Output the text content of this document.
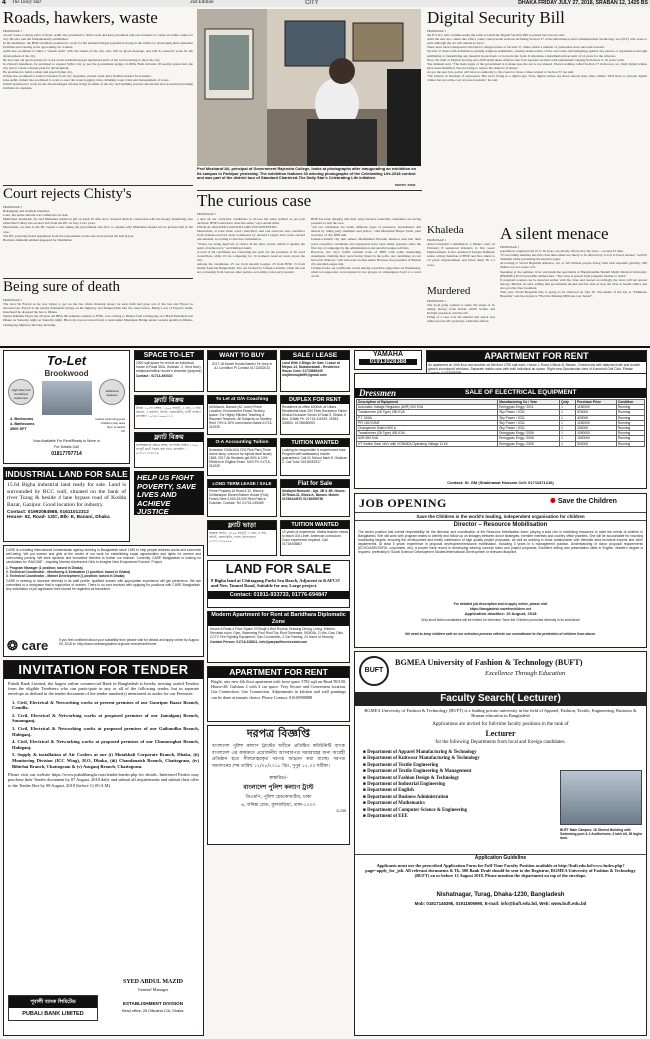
4 The Daily Star	2nd Edition	CITY	DHAKA FRIDAY JULY 27, 2018, SRABAN 12, 1425 BS
Roads, hawkers, waste
FROM PAGE 1
on soft zones to many parts of Peter. Azhil also promised to build roads and keep pavement and rear hawkers to create an online centre for city. He also said the fundamentally established.
In the manifesto, the BNP candidate promised to work for the underprivileged population living in the slums; by developing their sanitation facilities and creating work opportunity for women.
Azhil also promised to build a "dream team" with the results of the city, who will be given massage, and will do research work for the development of the city.
He also laid out special plans for work on the underdeveloped unplanned parts of his ward wanting to show the city.
In Zubair's manifesto, he promised to expand Sylhet city as per the government gadget of 2006. Both includes 18 nearby unions into the city and to create a master plan for development.
He promised to build a smart and green Sylhet city.
Zubair also promised to remove hawkers from city footpaths, extend roads and a flexible market for hawkers.
Like Azhil, Zubair also promised to work to steer the water-logging crisis, drinking water crisis and management of waste.
Zubair promised to work for the disadvantaged citizens living in slums of the city and building several educational and recreational training facilities for students.
Prof Mosharof Ali, principal of Government Rajendra College, looks at photographs after inaugurating an exhibition on its campus in Faridpur yesterday. The exhibition features 43 winning photographs of the Celebrating Life-2018 contest and was part of the district tour of Standard Chartered-The Daily Star's Celebrating Life initiative.
PHOTO: STAR
Digital Security Bill
FROM PAGE 1
the ICT Act will continue under the same act until the Digital Security Bill is passed into law, he said.
After the new law comes into effect, some controversial sections including Section 57 of the Information and Communication Technology Act (ICT) will cease to exist although the act will remain in force.
There have been widespread criticism for alleged abuse of Section 57, under which a number of journalists were sued and arrested.
Section 57 deals with defamation, hurting religious sentiments, causing deterioration of law and order and instigating against any person or organisation through publishing or transmitting any material in electronic or in electronic form. It stipulates a maximum prison term of 14 years for the offences.
Now, the draft of Digital Security Act-2018 splits these offences into four separate sections with punishment ranging from three to 10 years' term.
The minister said, "The main target of the government is to make sure the Act is not abused. There's nothing called Section 57 in the new act. Only digital crimes have been identified. We are trying to reduce the chances of abuse."
As per the new law, police will have no authority to file cases for those crimes related to Section 57, he said.
"We believe in freedom of expression. But we're living in a digital age. Now, digital crimes are more serious than other crimes. We'll have to prevent digital crimes but not at the cost of press freedom," he said.
Court rejects Chisty's
FROM PAGE 3
Bakshiganj and Gulshan branches.
Later, the entire amount was withdrawn in cash.
Mahbubul, Rashedul, Zia and Mamunur landed in jail on April 10 after ACC arrested them in connection with the money laundering case while Bazi Chisty has secured bail from the HC on July 4 two years.
Meanwhile, on June 6, the HC issued a rule asking the government and ACC to explain why Mahbubul should not be granted bail in the case.
The HC yesterday heard arguments from the respondents on the rule and rejected the bail prayer.
Barrister Ahmedul Ahmed appeared for Mahbubul.
The curious case
FROM PAGE 1
a deal all our councillor candidates to choose the same symbol as per past decision, BNP would have done the same," says Abdul Alim.
FOUR AL-BACKED COUNCILLORS UNCONTESTED
Meanwhile, at least three ward councillors and one reserved seat councillor from female-reserved seats nominated by Awami League have been elected uncontested, according to election commission.
"Voters are being deprived of choice in the three wards, which is against the spirit of democracy," said Rafiqul Alam.
A total of 94 candidates are contesting the polls for the positions of 30 ward councillors, while 16 are competing for 10 women's reserved seats across the city.
Among the candidates, 25 are from Awami League, 23 from BNP, 15 from Islami Andolon Bangladesh, five are backed by Jamaat-e-Islami, while the rest are contesting from various other parties, according to the party leaders.
BNP has been alleging that their party-backed councillor candidates are facing pressure to quit the race.
"All our candidates are under different types of pressures, harassments and threats by ruling party members and police," said Mesbahul Haque Tarik, joint secretary of city BNP unit.
Jamaat-e-Islami city unit Ameer Mohammad Hossain Khokon said that their ward councillor candidates and supporters have been under pressure since the first day of campaign by the administration and Awami League activists.
However, the city's traffic tourism work of BNP with some misleading statements claiming they were facing threat in the polls, our candidates do not have fair chances," said Advocate Golam Azher Hossain, the president of Barisal city Awami League unit.
Clashes broke out at different wards among councillor supporters on Wednesday, when ten supporters were injured in two groups of campaigners loyal to a ward on 20.
Khaleda
FROM PAGE 1
Anti-Corruption Commission, a Dhaka court on February 8 sentenced Khaleda to five years' imprisonment. It also sentenced Tarique Rahman, senior acting chairman of BNP, and five others to 10 years' imprisonment and fined them Tk 2.1 crore.
Murdered
FROM PAGE 1
The local gang wanted to settle the target of be taking money from Rabiu which Sohan and Rafiqul protested, said the OC.
Filing of a case over the murder and attack was under process till yesterday, added the officer.
A silent menace
FROM PAGE 1
population, ranging from 10 to 30 years, are mostly affected by the virus -- around 25 lakh.
"If one family member has this virus then others are likely to be affected by it as it is blood related," said Dr Shahinul while presenting his keynote paper.
According to World Hepatitis Alliance, out of 325 million people living with viral hepatitis globally, 290 million are not aware of it.
Speaking at the seminar, liver and medicine specialists at Bangabandhu Sheikh Mujib Medical University (BSMMU) Prof Nooruddin Ahmed said, "The virus is spread from pregnant mother to child."
If pregnant women can be detected earlier with the virus and treated accordingly the virus will not spread among children, he said, adding that government should run free tests at stop the virus at health clinics and also provide free treatment.
This year, World Hepatitis Day is going to be observed on July 28. The theme of the day is "Eliminate Hepatitis" and the slogan is "Find the Missing Millions. Get Tested".
Being sure of death
FROM PAGE 1
The door bit Faysal as he was trying to get on the bus while shouting abuse; he kept faith had gone out of the bus and Faysal as unconscious. Faysal is the nearby Khanabari bridge on the highway and dumped him into the canal below. Being a son of Faysal's death, Intazbazel he dropped the bus to Dhaka.
Sabiur Rahman Payel, the 20-year-old BBA 5th semester student at FSIU, was coming to Dhaka from Chittagong on a Harif Paribahan bus Dhaka on Saturday night on Saturday night. His body was recovered from a canal under Madanpur Bridge under Gazaria upazila in Dhaka-Chittagong highway Monday morning.
To-Let
Brookwood
High Rise Full Furnished Apartment
additional features
4- Bedrooms
4- Bathrooms
3500 SFT
rooftop swimming pool
Children play area
Gym & sauna
Lift
Now Available For Rent/Ready to Move in
For Details Call
01817797714
SPACE TO-LET
2300 sqft space for rent at an individual house in Road 35/A, Gulshan -2, Grnd floor), restaurant/office/ doctor's chamber (purpose)
Contact : 01713-493023
WANT TO BUY
2017-18 Model Honda Bambo Fe Jeep in A1 Condition Pl Contact 01711532010
SALE / LEASE
Land With 3 Bldgs On Sale / Lease at Mirpur-14, Muktasrabadi - Residence House Cont: 01733666445 mujibmmujibl99@gmail.com
YAMAHA
01913028388
APARTMENT FOR RENT
An apartment on 10th floor and another on 5th floor 2750 sqft each. House-1 Road-4 Block-B, Banani, 3 bedrooms with attached bath and double glazed soundproof windows. Separate maids room with both individual air space. Right view Spectacular view of Kumoholi Golf Club. Please
ফ্ল্যাট বিক্রয়
উত্তরা ১০ নং সেক্টর, ১৫০০ বর্গফুট, ৩ বেড, ৩ বাথ, কিচেন, ২ বারান্দা, লিফট, জেনারেটর, গাড়ী পার্কিং। মোবাইল : ০১৯১১০০০১১৩
To Let at O/A Coaching
UniMound- Banani (AC room) Prime Location, Environment Peace,Territory space. For Highly Efficient Teaching & Reputed Teachers. All Subjects on Monthly Rent 70% & 30% commission Basis 01715-311925
DUPLEX FOR RENT
Residence at office 6000sft. at Uttara Residential Near 250 Plots Reception Fahim Dhaka Exclusive Sector 6 Road 9, Dhaka, 8 Bed, 8 Bath Ph: 01715-311925, 01983-333600, 01758080000
Dressmen	SALE OF ELECTRICAL EQUIPMENT
Description of Equipment	Manufacturing Co / Year	Qnty	Purchase Price	Condition
Automatic Voltage Regulator (AVR) 200 KVA	Energypac Engg / 2011	1	1150000	Running
Transformer (Oil Type) 250 KVA	Sky Power / 2011	1	920000	Running
P.T. 600A	Sky Power / 2011	1	400000	Running
PFI 150 KVAR	Sky Power / 2011	1	1150000	Running
Changeover Switch 600 A	Sky Power / 2011	1	150000	Running
Transformer (Oil Type) 400 KVA	Energypac Engg / 2006	1	1050000	Running
AVR 650 KVA	Energypac Engg / 2006	1	1500000	Running
HT Switch Gear 11kV with VCB630A Operating Voltage 11 kV	Energypac Engg / 2006	1	500000	Running
Contact: Sr. GM (Shakhawat Hossain Cell: 01711371216)
INDUSTRIAL LAND FOR SALE
15.64 Bigha industrial land ready for sale. Land is surrounded by RCC wall, situated on the bank of river Turag & beside 4 lane bypass road of Kodda Bazar, Gazipur. Good location for industry.
Contact: 01992084988, 01611012312
House- 52, Road- 13/C, Blk- E, Banani, Dhaka
ফ্ল্যাট বিক্রয়
বিশেষজ্ঞদের ক্ষেত্রে প্রশস্ত, নান্দনিক নির্মিত ১৫০০ বর্গফুট ফ্ল্যাট বিক্রয় করা হবে। মোবাইল : ০১৮১১১৭২৮১৯
O-A Accounting Tuition
Schedule ICMA ACA CFA Plus Part (Three scene story, cost not for topical level issue) 1818, 2017 All Students get 80% & 10% Efficient in Eligible Exam. DAS Ph: 01715-311925
TUITION WANTED
Looking for responsible & experienced tutor. Program with satisfactory results guaranteed. Call 01 School Mark 8. Gulshan 2. Call Tutor 01918057817
HELP US FIGHT POVERTY, SAVE LIVES AND ACHIEVE JUSTICE
LONG TERM LEASE / SALE
Prime Property At Road # 32, Ward-6, Chittaranjan Dream Bottom House (Fully Fresh) Rent 3,000-15,000 Rent Flats in Gulshan. Contact: Tel: 01731-045489
Flat for Sale
Shafayet Bonoshi - Apt. 2B & 4B. House-30 Road-31, Block-K, Banani. Mobile 01783444970 01740999750
ফ্ল্যাট ভাড়া
বসুন্ধরা আ/এ, ১৮০০ বর্গফুট, ৩ বেড, ৪ বাথ, লিফট, জেনারেটর, গ্যাস। যোগাযোগ: ০১৭১১৩৩০০০০
TUITION WANTED
10 years of experience. Maths teacher needs to teach O/A Level, American curriculum. Good experience required. Call 01718408867
CARE is a leading international humanitarian agency working in Bangladesh since 1949 to help people address social and economic well-being. We put women and girls at the center of our work for establishing equal opportunities and rights for women and overcoming poverty. We seek dynamic and innovative thinkers to further our mission. Currently, CARE Bangladesh is looking for candidates for 'IMAGINE' - Inspiring Married Adolescent Girls to Imagine New Empowered Futures" Project
1. Program Manager (1 position; based in Dhaka)
2. Technical Coordinator - Monitoring & Evaluation (1 position; based in Dhaka)
3. Technical Coordinator - Market Development (1 position; based in Dhaka)
CARE is seeking to increase diversity in its staff profile; qualified women with appropriate experience will get preference. We are committed to a workplace that is supportive of women. There is no cost involved with applying for positions with CARE Bangladesh. Any solicitation of job applicants' fees should be regarded as fraudulent.
❂ care	If you feel confident about your suitability then please visit for details and apply online by August 05, 2018 in: http://www.carebangladesh.org/care-recruitment/home
JOB OPENING	✺ Save the Children
Save the Children is the world's leading, independent organisation for children
Director – Resource Mobilisation
The senior position has overall responsibility for the direction and coordination of the Resource Mobilisation team; playing a lead role in mobilising resources to meet the needs of children in Bangladesh. She will work with program teams to identify and follow up on linkages between donor strategies, member interests and country office priorities. She will be accountable for reaching fundraising targets, ensuring the development and timely submission of high quality project proposals, as well as working in close collaboration with thematic area technical experts and other departments. At least 5 years' experience in proposal development/resource mobilisation, including 3 years in a management position. Understanding of donor proposal requirements (ECHO/ASEO/DFID, corporates, etc), a proven track record in developing winning concept notes and project proposals. Excellent writing and presentation skills in English. Master's degree is required, preferably in Social Science/ Development Studies/International Development or relevant discipline.
For detailed job description and to apply online, please visit
https://bangladesh.savethechildren.net
Application deadline: 10 August, 2018
Only short listed candidates will be invited for interview. Save the Children promotes diversity in its workforce!
We need to keep children safe so our selection process reflects our commitment to the protection of children from abuse.
LAND FOR SALE
8 Bigha land at Chittagong Parki Sea Beach, Adjacent to KAFCO and New Tunnel Road, Suitable for any Large project.
Contact: 01911-933733, 01776-694847
Modern Apartment for Rent at Baridhara Diplomatic Zone
House-5 Road-4 Floor Space 3700sqft 4 Bed Rooms, Drawing Dining, Living, Kitchen, Servants room, Gym, Swimming Pool Roof Top Roof Generator, 500KVA, 2 Lifts, Gas, Dish, CCTV Fire Fighting Equipment, Gas Connection, 2 Car Parking, 24 hours of Security
Contact Person: 01716-318811, info@parpacifiservicesbd.com
INVITATION FOR TENDER
Pubali Bank Limited, the largest online commercial Bank in Bangladesh is hereby inviting sealed Tenders from the eligible Tenderers who can participate in any or all of the following tender, but in separate envelope as defined in the tender document of the tender number(s) mentioned as under for our Premises:
1. Civil, Electrical & Networking works at present premises of our Gouripur Bazar Branch, Comilla.
2. Civil, Electrical & Networking works at proposed premises of our Jamalganj Branch, Sunamganj.
3. Civil, Electrical & Networking works at proposed premises of our Gaibandha Branch, Habiganj.
4. Civil, Electrical & Networking works at proposed premises of our Chunarughat Branch, Habiganj.
5. Supply & installation of Air Coolers at our (i) Motakhali Corporate Branch, Dhaka, (ii) Monitoring Division (ICC Wing), H.O, Dhaka, (iii) Chandanaish Branch, Chattogram, (iv) Bibirhat Branch, Chattogram & (v) Asuganj Branch, Chattogram.
Please visit our website https://www.pubalibangla.com/tender/tender.php for details. Interested Parties may purchase their Tender document by 07 August, 2018 daily and submit all requirements and submit their offer to the Tender Box by 08 August, 2018 (before 11.00 A.M).
SYED ABDUL MAZID
General Manager
পূবালী ব্যাংক লিমিটেড
PUBALI BANK LIMITED
ESTABLISHMENT DIVISION
Head office, 26 Dilkusha C/A, Dhaka.
APARTMENT FOR RENT
Bright, airy new 4th floor apartment with front space 3782 sqft on Road 99/100, House-28, Gulshan 2 with 2 car space. Very Secure and Convenient location. Gas Connection. Gas Connection. Adjustments in kitchen and wall paintings can be done at tenants choice. Please Contact: 01618998888
দরপত্র বিজ্ঞপ্তি
বাংলাদেশ পুলিশ কল্যাণ ট্রাস্টের অধীনে প্রতিষ্ঠিত কমিউনিটি ব্যাংক বাংলাদেশ এর কার্যক্রমে প্রয়োজনীয় আসবাবপত্র সরবরাহের জন্য আগ্রহী প্রতিষ্ঠান হতে সীলমোহরকৃত দরপত্র আহ্বান করা যাচ্ছে। দরপত্র জমাদানের শেষ তারিখ ১২/০৮/২০১৮ খ্রিঃ, দুপুর ১২.০০ ঘটিকা।
স্বাক্ষরিত/-
বাংলাদেশ পুলিশ কল্যাণ ট্রাস্ট
ডিএমপি, পুলিশ হেডকোয়ার্টার, ঢাকা
৬, ফনিক্স রোড, ফুলবাড়িয়া, ঢাকা-১০০০
D-235
BUFT
BGMEA University of Fashion & Technology (BUFT)
Excellence Through Education
Faculty Search( Lecturer)
BGMEA University of Fashion & Technology (BUFT) is a leading private university in the field of Apparel, Fashion, Textile, Engineering, Business & Human education in Bangladesh
Applications are invited for full-time faculty positions in the rank of
Lecturer
for the following Departments from local and foreign candidates.
■ Department of Apparel Manufacturing & Technology
■ Department of Knitwear Manufacturing & Technology
■ Department of Textile Engineering
■ Department of Textile Engineering & Management
■ Department of Fashion Design & Technology
■ Department of Industrial Engineering
■ Department of English
■ Department of Business Administration
■ Department of Mathematics
■ Department of Computer Science & Engineering
■ Department of EEE
BUFT Main Campus: 16 Storied Building with Swimming pool & 2 Auditoriums, 6 lakh sft, 36 bigha land.
Application Guideline
Applicants must use the prescribed Application Form for Full-Time Faculty Position available at http://buft.edu.bd/www/index.php?page=apply_for_job. All relevant documents & Tk. 500 Bank Draft should be sent to the Registrar, BGMEA University of Fashion & Technology (BUFT) on or before 12 August 2018. Please mention the department on top of the envelope.
Nishatnagar, Turag, Dhaka-1230, Bangladesh
Mob: 01817146395, 01911506990, E-mail: info@buft.edu.bd, Web: www.buft.edu.bd
